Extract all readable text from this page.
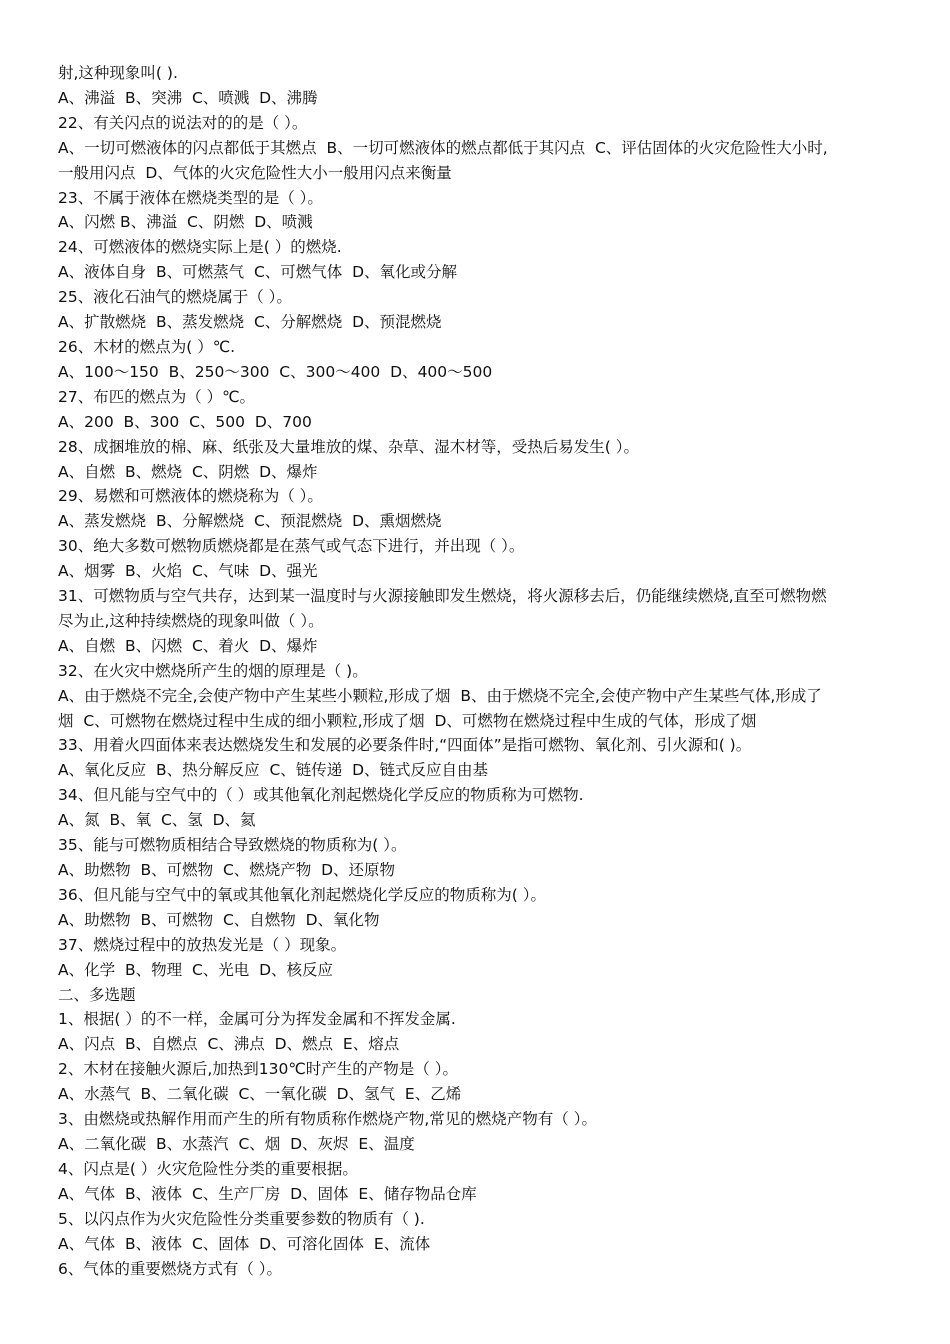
射,这种现象叫( ).
A、沸溢  B、突沸  C、喷溅  D、沸腾
22、有关闪点的说法对的的是（ ）。
A、一切可燃液体的闪点都低于其燃点  B、一切可燃液体的燃点都低于其闪点  C、评估固体的火灾危险性大小时,
一般用闪点  D、气体的火灾危险性大小一般用闪点来衡量
23、不属于液体在燃烧类型的是（ ）。
A、闪燃 B、沸溢  C、阴燃  D、喷溅
24、可燃液体的燃烧实际上是( ）的燃烧.
A、液体自身  B、可燃蒸气  C、可燃气体  D、氧化或分解
25、液化石油气的燃烧属于（ ）。
A、扩散燃烧  B、蒸发燃烧  C、分解燃烧  D、预混燃烧
26、木材的燃点为( ）℃.
A、100～150  B、250～300  C、300～400  D、400～500
27、布匹的燃点为（ ）℃。
A、200  B、300  C、500  D、700
28、成捆堆放的棉、麻、纸张及大量堆放的煤、杂草、湿木材等，受热后易发生( ）。
A、自燃  B、燃烧  C、阴燃  D、爆炸
29、易燃和可燃液体的燃烧称为（ ）。
A、蒸发燃烧  B、分解燃烧  C、预混燃烧  D、熏烟燃烧
30、绝大多数可燃物质燃烧都是在蒸气或气态下进行，并出现（ ）。
A、烟雾  B、火焰  C、气味  D、强光
31、可燃物质与空气共存，达到某一温度时与火源接触即发生燃烧，将火源移去后，仍能继续燃烧,直至可燃物燃
尽为止,这种持续燃烧的现象叫做（ ）。
A、自燃  B、闪燃  C、着火  D、爆炸
32、在火灾中燃烧所产生的烟的原理是（ )。
A、由于燃烧不完全,会使产物中产生某些小颗粒,形成了烟  B、由于燃烧不完全,会使产物中产生某些气体,形成了
烟  C、可燃物在燃烧过程中生成的细小颗粒,形成了烟  D、可燃物在燃烧过程中生成的气体，形成了烟
33、用着火四面体来表达燃烧发生和发展的必要条件时,“四面体”是指可燃物、氧化剂、引火源和( )。
A、氧化反应  B、热分解反应  C、链传递  D、链式反应自由基
34、但凡能与空气中的（ ）或其他氧化剂起燃烧化学反应的物质称为可燃物.
A、氮  B、氧  C、氢  D、氦
35、能与可燃物质相结合导致燃烧的物质称为( ）。
A、助燃物  B、可燃物  C、燃烧产物  D、还原物
36、但凡能与空气中的氧或其他氧化剂起燃烧化学反应的物质称为( ）。
A、助燃物  B、可燃物  C、自燃物  D、氧化物
37、燃烧过程中的放热发光是（ ）现象。
A、化学  B、物理  C、光电  D、核反应
二、多选题
1、根据( ）的不一样，金属可分为挥发金属和不挥发金属.
A、闪点  B、自燃点  C、沸点  D、燃点  E、熔点
2、木材在接触火源后,加热到130℃时产生的产物是（ ）。
A、水蒸气  B、二氧化碳  C、一氧化碳  D、氢气  E、乙烯
3、由燃烧或热解作用而产生的所有物质称作燃烧产物,常见的燃烧产物有（ ）。
A、二氧化碳  B、水蒸汽  C、烟  D、灰烬  E、温度
4、闪点是( ）火灾危险性分类的重要根据。
A、气体  B、液体  C、生产厂房  D、固体  E、储存物品仓库
5、以闪点作为火灾危险性分类重要参数的物质有（ ).
A、气体  B、液体  C、固体  D、可溶化固体  E、流体
6、气体的重要燃烧方式有（ ）。
